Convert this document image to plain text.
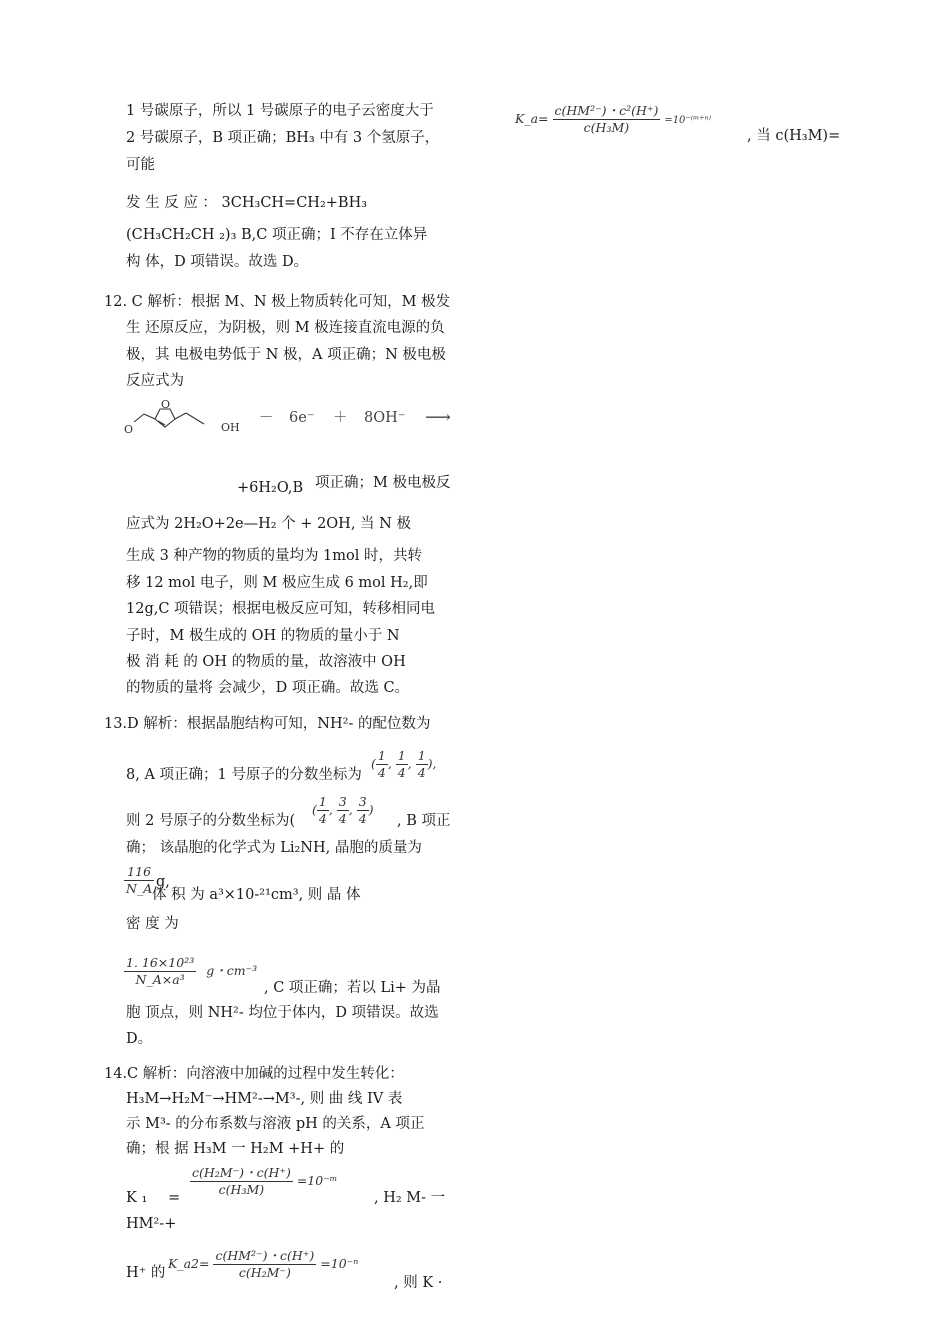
1 号碳原子，所以 1 号碳原子的电子云密度大于
2 号碳原子，B 项正确；BH₃ 中有 3 个氢原子，
可能
发 生 反 应 ： 3CH₃CH=CH₂+BH₃
(CH₃CH₂CH ₂)₃ B,C 项正确；I 不存在立体异
构 体，D 项错误。故选 D。
12. C 解析：根据 M、N 极上物质转化可知，M 极发
生 还原反应，为阴极，则 M 极连接直流电源的负
极，其 电极电势低于 N 极，A 项正确；N 极电极
反应式为
O
O
OH
－ 6e⁻ ＋ 8OH⁻ ⟶
+6H₂O,B 项正确；M 极电极反
应式为 2H₂O+2e—H₂ 个 + 2OH, 当 N 极
生成 3 种产物的物质的量均为 1mol 时，共转
移 12 mol 电子，则 M 极应生成 6 mol H₂,即
12g,C 项错误；根据电极反应可知，转移相同电
子时，M 极生成的 OH 的物质的量小于 N
极 消 耗 的 OH 的物质的量，故溶液中 OH
的物质的量将 会减少，D 项正确。故选 C。
13.D 解析：根据晶胞结构可知，NH²- 的配位数为
8, A 项正确；1 号原子的分数坐标为
( $\frac{1}{4}$ , $\frac{1}{4}$ , $\frac{1}{4}$ ),
则 2 号原子的分数坐标为(
( $\frac{1}{4}$ , $\frac{3}{4}$ , $\frac{3}{4}$ )
, B 项正
确； 该晶胞的化学式为 Li₂NH, 晶胞的质量为
$\frac{116}{N\_A} g$,
体 积 为 a³×10-²¹cm³, 则 晶 体
密 度 为
$\frac{\text{1. 16×10²³}}{\text{N\_A×a³}}$ g・cm⁻³
, C 项正确；若以 Li+ 为晶
胞 顶点，则 NH²- 均位于体内，D 项错误。故选
D。
14.C 解析：向溶液中加碱的过程中发生转化：
H₃M→H₂M⁻→HM²-→M³-, 则 曲 线 IV 表
示 M³- 的分布系数与溶液 pH 的关系，A 项正
确；根 据 H₃M 一 H₂M +H+ 的
K $_1 = \frac{\text{c(H₂M⁻)・c(H⁺)}}{\text{c(H₃M)}}$ =10⁻ᵐ
, H₂ M- 一
HM²-+
H⁺ 的
K_a2= $\frac{\text{c(HM²⁻)・c(H⁺)}}{\text{c(H₂M⁻)}} =10^{-n}$
, 则 K ·
K_a= $\frac{\text{c(HM²⁻)・c²(H⁺)}}{\text{c(H₃M)}}$ =10⁻⁽ᵐ⁺ⁿ⁾
, 当 c(H₃M)=
